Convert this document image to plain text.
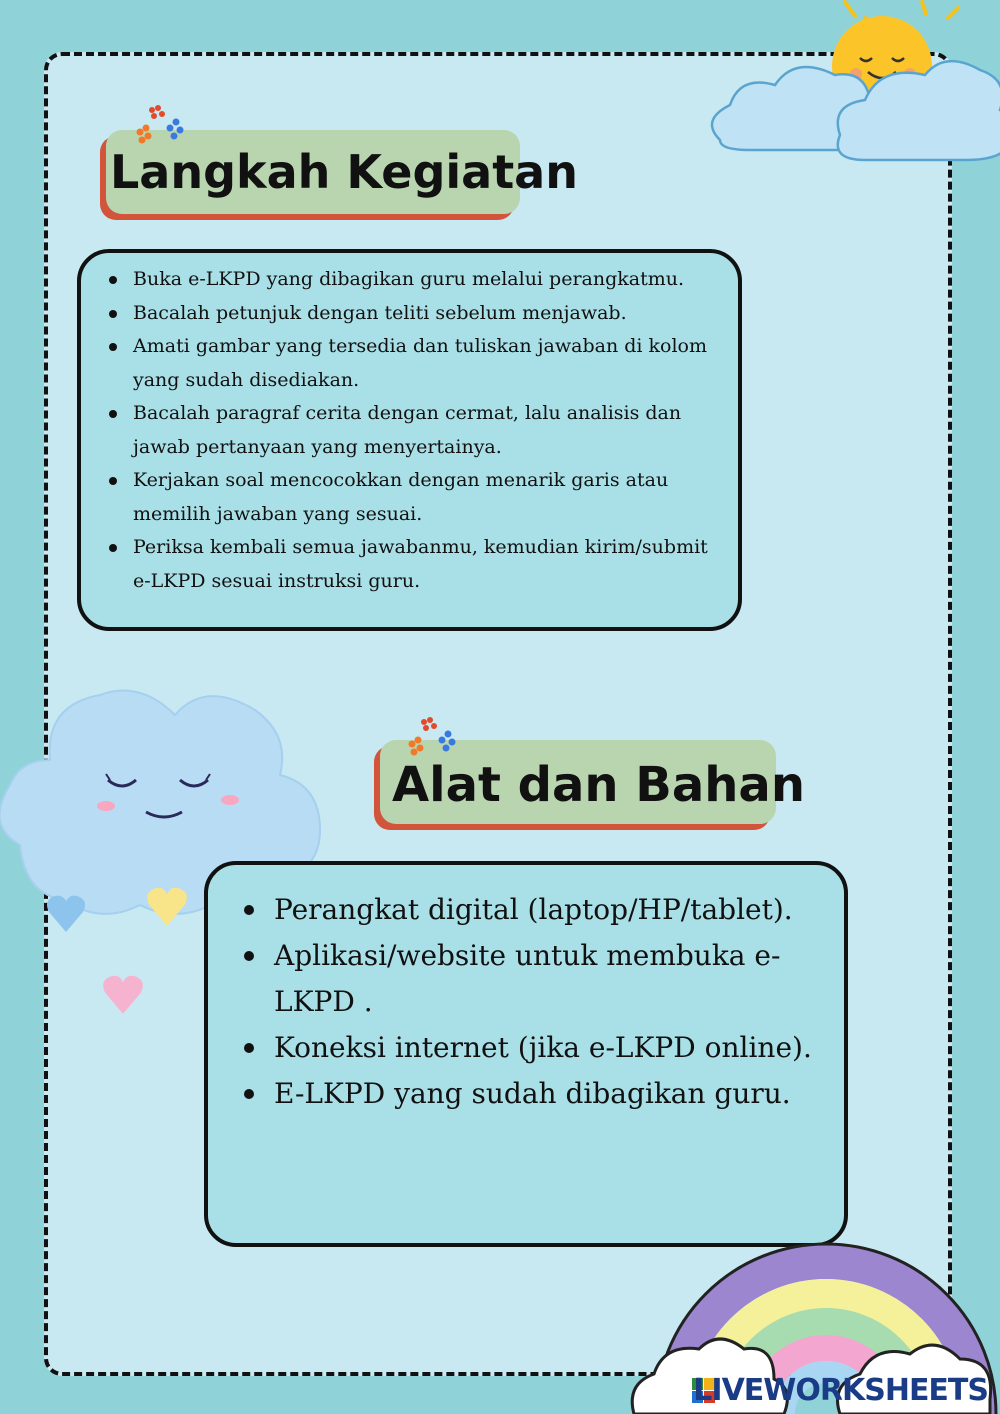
Langkah Kegiatan
Buka e-LKPD yang dibagikan guru melalui perangkatmu.
Bacalah petunjuk dengan teliti sebelum menjawab.
Amati gambar yang tersedia dan tuliskan jawaban di kolom yang sudah disediakan.
Bacalah paragraf cerita dengan cermat, lalu analisis dan jawab pertanyaan yang menyertainya.
Kerjakan soal mencocokkan dengan menarik garis atau memilih jawaban yang sesuai.
Periksa kembali semua jawabanmu, kemudian kirim/submit e-LKPD sesuai instruksi guru.
Alat dan Bahan
Perangkat digital (laptop/HP/tablet).
Aplikasi/website untuk membuka e-LKPD .
Koneksi internet (jika e-LKPD online).
E-LKPD yang sudah dibagikan guru.
LIVEWORKSHEETS
